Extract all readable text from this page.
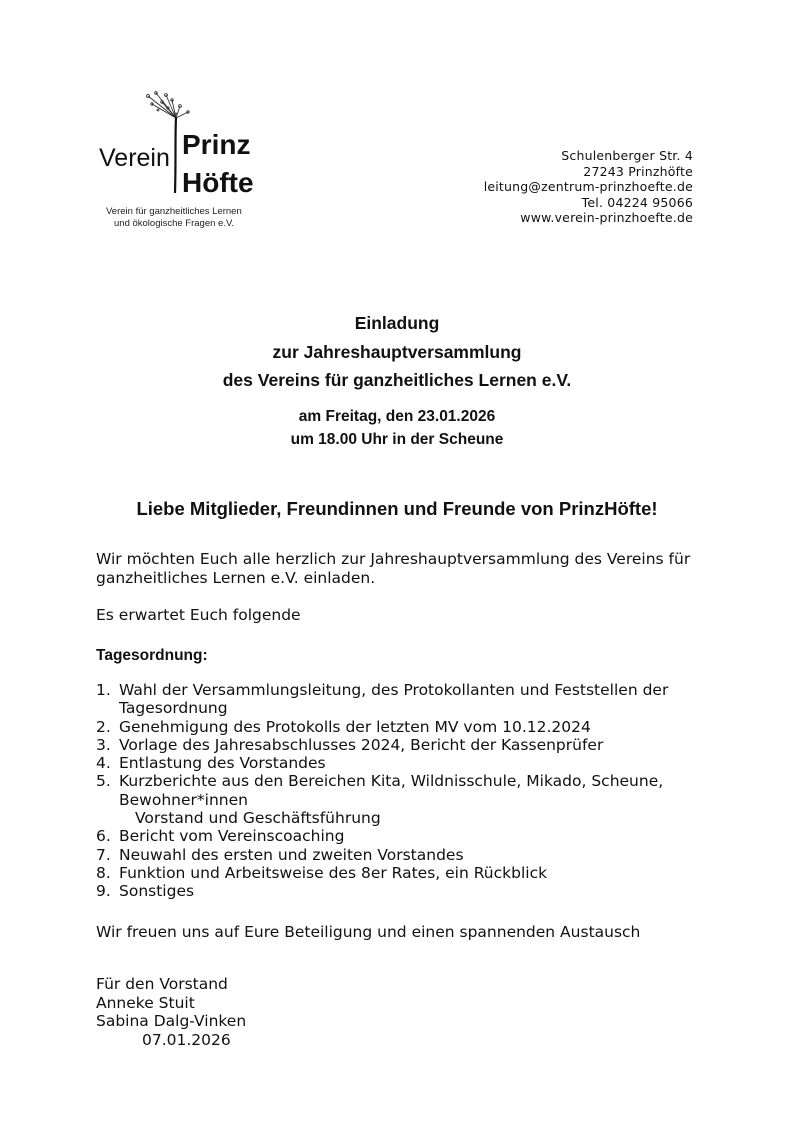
Verein Prinz
Höfte
Verein für ganzheitliches Lernen
und ökologische Fragen e.V.
Schulenberger Str. 4
27243 Prinzhöfte
leitung@zentrum-prinzhoefte.de
Tel. 04224 95066
www.verein-prinzhoefte.de
Einladung
zur Jahreshauptversammlung
des Vereins für ganzheitliches Lernen e.V.
am Freitag, den 23.01.2026
um 18.00 Uhr in der Scheune
Liebe Mitglieder, Freundinnen und Freunde von PrinzHöfte!
Wir möchten Euch alle herzlich zur Jahreshauptversammlung des Vereins für ganzheitliches Lernen e.V. einladen.
Es erwartet Euch folgende
Tagesordnung:
1. Wahl der Versammlungsleitung, des Protokollanten und Feststellen der Tagesordnung
2. Genehmigung des Protokolls der letzten MV vom 10.12.2024
3. Vorlage des Jahresabschlusses 2024, Bericht der Kassenprüfer
4. Entlastung des Vorstandes
5. Kurzberichte aus den Bereichen Kita, Wildnisschule, Mikado, Scheune, Bewohner*innen
Vorstand und Geschäftsführung
6. Bericht vom Vereinscoaching
7. Neuwahl des ersten und zweiten Vorstandes
8. Funktion und Arbeitsweise des 8er Rates, ein Rückblick
9. Sonstiges
Wir freuen uns auf Eure Beteiligung und einen spannenden Austausch
Für den Vorstand
Anneke Stuit
Sabina Dalg-Vinken
07.01.2026
